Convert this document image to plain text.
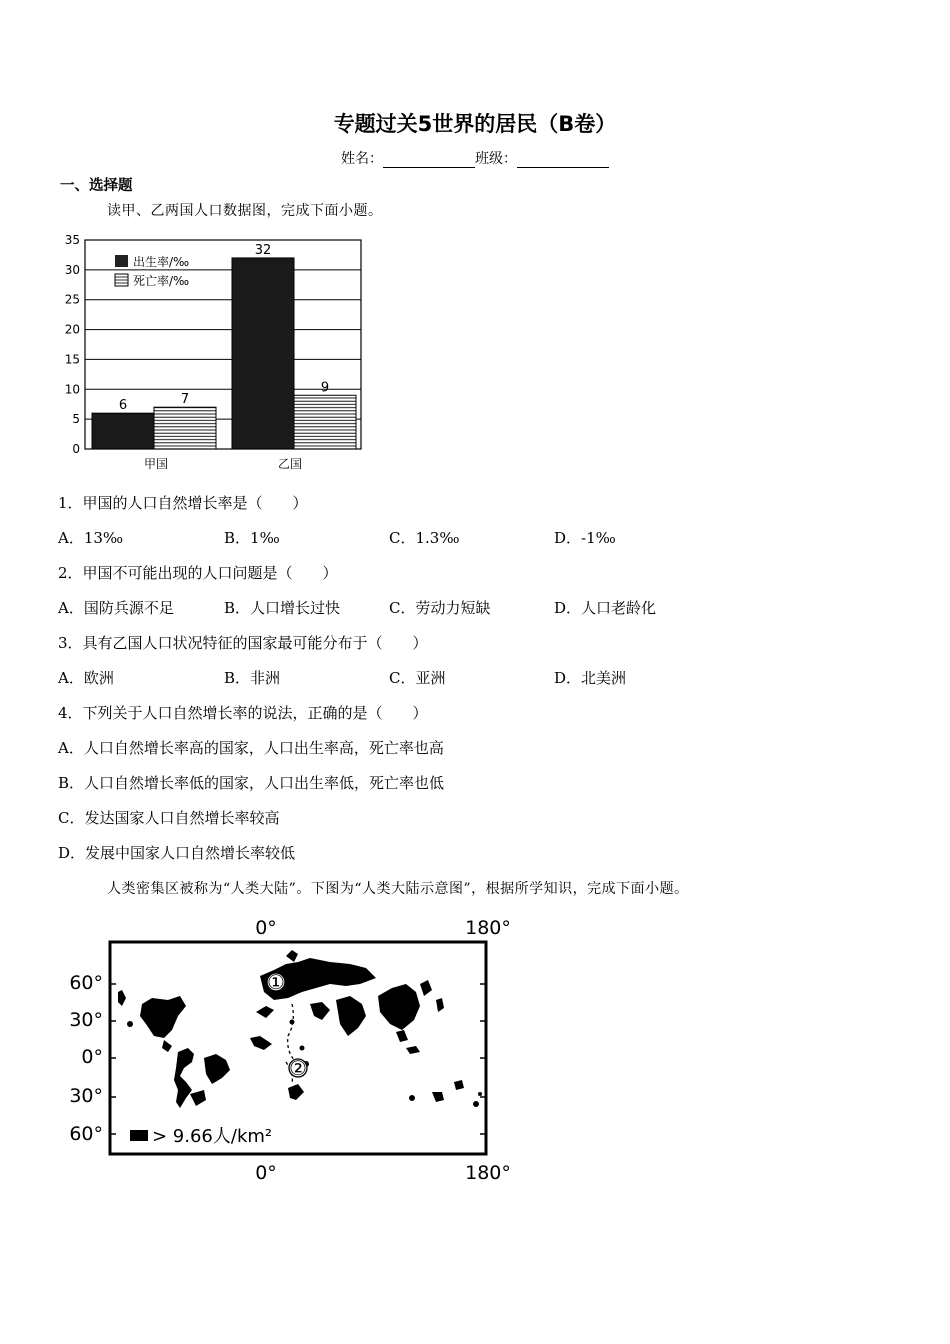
专题过关5世界的居民（B卷）
姓名：	班级：
一、选择题
读甲、乙两国人口数据图，完成下面小题。
0
5
10
15
20
25
30
35
6	7
32
9
出生率/‰
死亡率/‰
甲国	乙国
1．甲国的人口自然增长率是（　　）
A．13‰	B．1‰	C．1.3‰	D．-1‰
2．甲国不可能出现的人口问题是（　　）
A．国防兵源不足	B．人口增长过快	C．劳动力短缺	D．人口老龄化
3．具有乙国人口状况特征的国家最可能分布于（　　）
A．欧洲	B．非洲	C．亚洲	D．北美洲
4．下列关于人口自然增长率的说法，正确的是（　　）
A．人口自然增长率高的国家，人口出生率高，死亡率也高
B．人口自然增长率低的国家，人口出生率低，死亡率也低
C．发达国家人口自然增长率较高
D．发展中国家人口自然增长率较低
人类密集区被称为“人类大陆”。下图为“人类大陆示意图”，根据所学知识，完成下面小题。
0°	180°
0°	180°
60°
30°
0°
30°
60°
①
②
> 9.66人/km²
